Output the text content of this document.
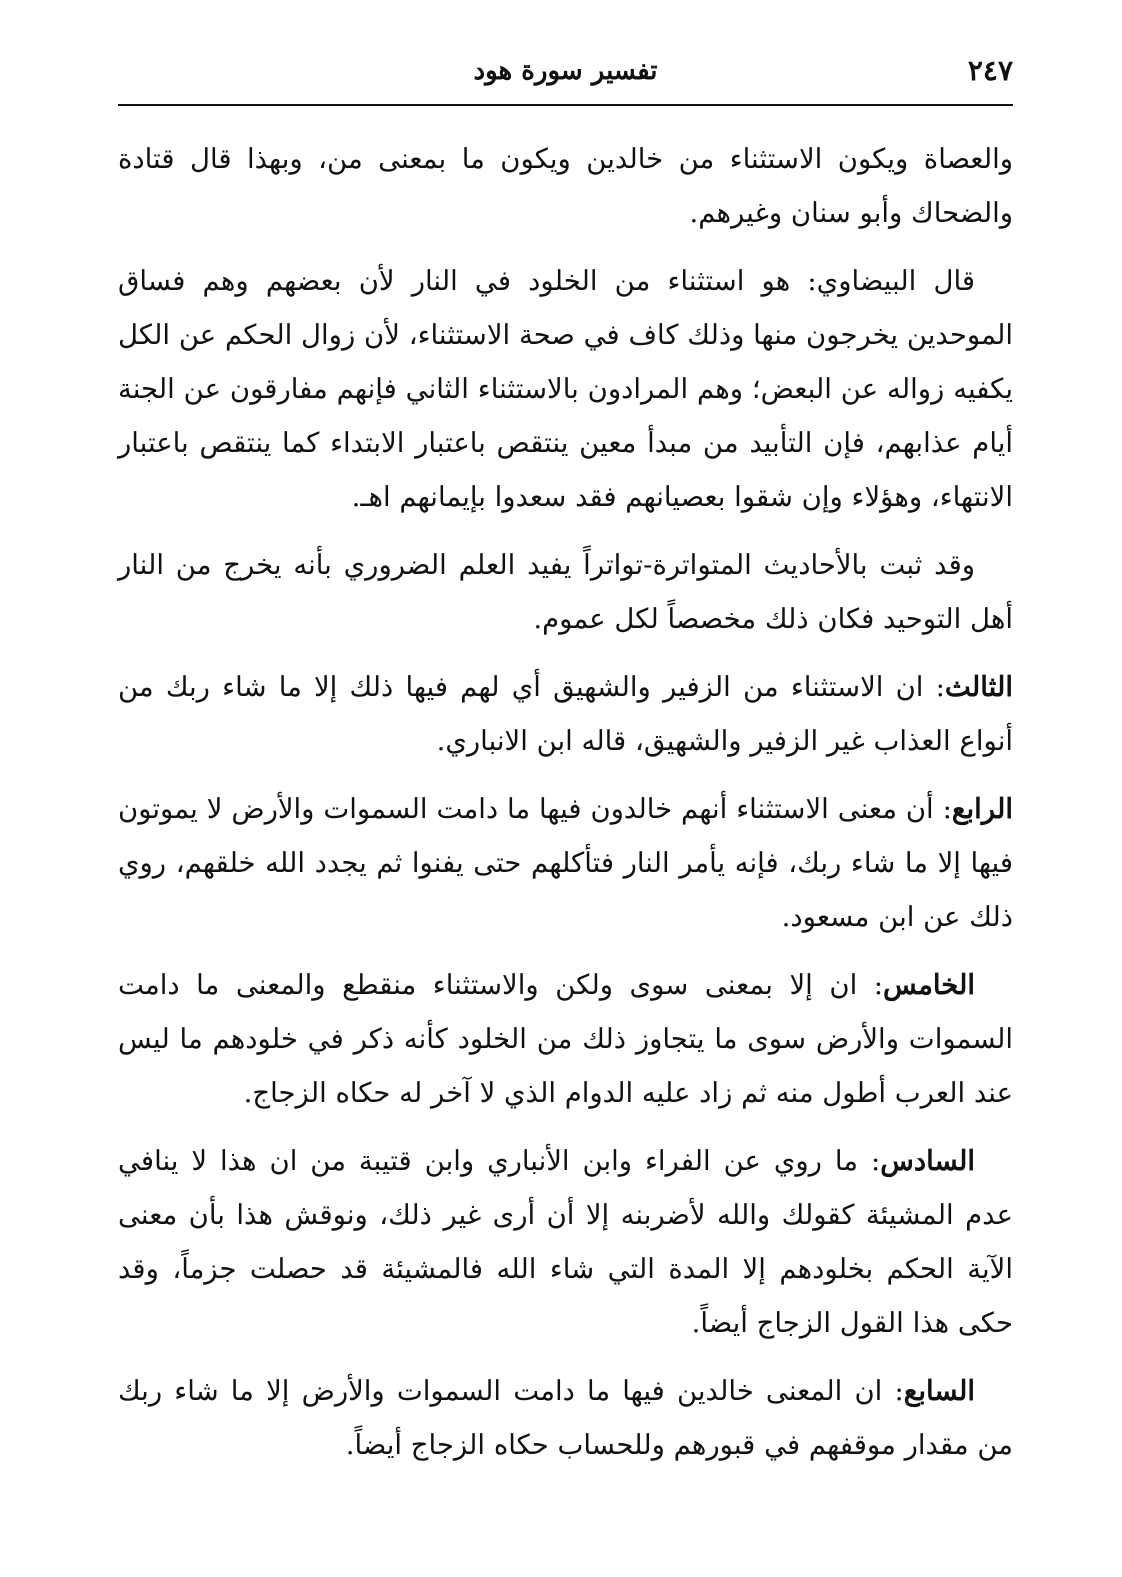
تفسير سورة هود	٢٤٧

والعصاة ويكون الاستثناء من خالدين ويكون ما بمعنى من، وبهذا قال قتادة والضحاك وأبو سنان وغيرهم.

قال البيضاوي: هو استثناء من الخلود في النار لأن بعضهم وهم فساق الموحدين يخرجون منها وذلك كاف في صحة الاستثناء، لأن زوال الحكم عن الكل يكفيه زواله عن البعض؛ وهم المرادون بالاستثناء الثاني فإنهم مفارقون عن الجنة أيام عذابهم، فإن التأبيد من مبدأ معين ينتقص باعتبار الابتداء كما ينتقص باعتبار الانتهاء، وهؤلاء وإن شقوا بعصيانهم فقد سعدوا بإيمانهم اهـ.

وقد ثبت بالأحاديث المتواترة-تواتراً يفيد العلم الضروري بأنه يخرج من النار أهل التوحيد فكان ذلك مخصصاً لكل عموم.

الثالث: ان الاستثناء من الزفير والشهيق أي لهم فيها ذلك إلا ما شاء ربك من أنواع العذاب غير الزفير والشهيق، قاله ابن الانباري.

الرابع: أن معنى الاستثناء أنهم خالدون فيها ما دامت السموات والأرض لا يموتون فيها إلا ما شاء ربك، فإنه يأمر النار فتأكلهم حتى يفنوا ثم يجدد الله خلقهم، روي ذلك عن ابن مسعود.

الخامس: ان إلا بمعنى سوى ولكن والاستثناء منقطع والمعنى ما دامت السموات والأرض سوى ما يتجاوز ذلك من الخلود كأنه ذكر في خلودهم ما ليس عند العرب أطول منه ثم زاد عليه الدوام الذي لا آخر له حكاه الزجاج.

السادس: ما روي عن الفراء وابن الأنباري وابن قتيبة من ان هذا لا ينافي عدم المشيئة كقولك والله لأضربنه إلا أن أرى غير ذلك، ونوقش هذا بأن معنى الآية الحكم بخلودهم إلا المدة التي شاء الله فالمشيئة قد حصلت جزماً، وقد حكى هذا القول الزجاج أيضاً.

السابع: ان المعنى خالدين فيها ما دامت السموات والأرض إلا ما شاء ربك من مقدار موقفهم في قبورهم وللحساب حكاه الزجاج أيضاً.
